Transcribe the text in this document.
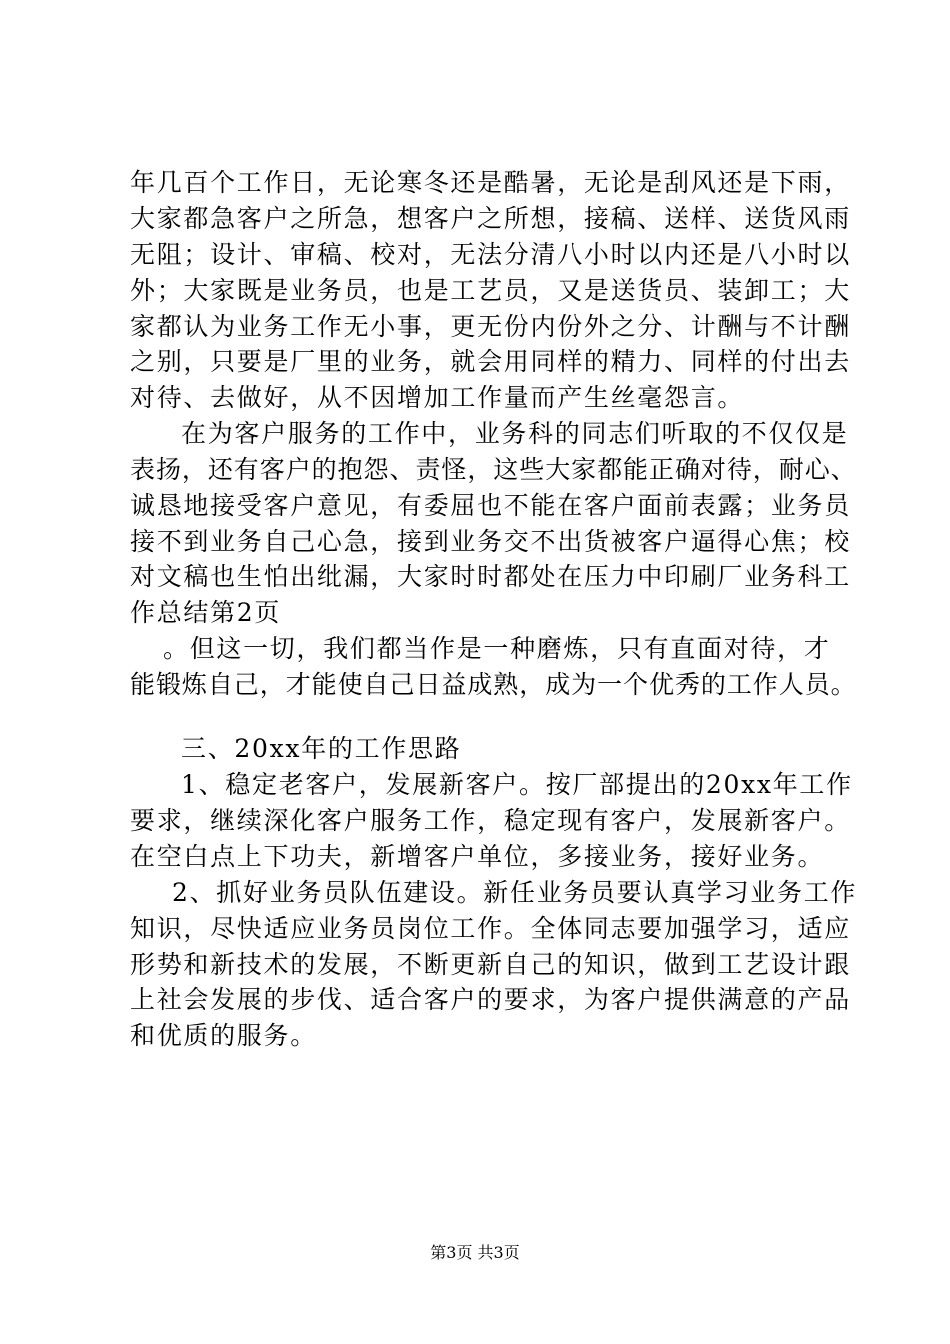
年几百个工作日，无论寒冬还是酷暑，无论是刮风还是下雨，
大家都急客户之所急，想客户之所想，接稿、送样、送货风雨
无阻；设计、审稿、校对，无法分清八小时以内还是八小时以
外；大家既是业务员，也是工艺员，又是送货员、装卸工；大
家都认为业务工作无小事，更无份内份外之分、计酬与不计酬
之别，只要是厂里的业务，就会用同样的精力、同样的付出去
对待、去做好，从不因增加工作量而产生丝毫怨言。
在为客户服务的工作中，业务科的同志们听取的不仅仅是
表扬，还有客户的抱怨、责怪，这些大家都能正确对待，耐心、
诚恳地接受客户意见，有委屈也不能在客户面前表露；业务员
接不到业务自己心急，接到业务交不出货被客户逼得心焦；校
对文稿也生怕出纰漏，大家时时都处在压力中印刷厂业务科工
作总结第2页
。但这一切，我们都当作是一种磨炼，只有直面对待，才
能锻炼自己，才能使自己日益成熟，成为一个优秀的工作人员。
三、20xx年的工作思路
1、稳定老客户，发展新客户。按厂部提出的20xx年工作
要求，继续深化客户服务工作，稳定现有客户，发展新客户。
在空白点上下功夫，新增客户单位，多接业务，接好业务。
2、抓好业务员队伍建设。新任业务员要认真学习业务工作
知识，尽快适应业务员岗位工作。全体同志要加强学习，适应
形势和新技术的发展，不断更新自己的知识，做到工艺设计跟
上社会发展的步伐、适合客户的要求，为客户提供满意的产品
和优质的服务。
第3页 共3页
